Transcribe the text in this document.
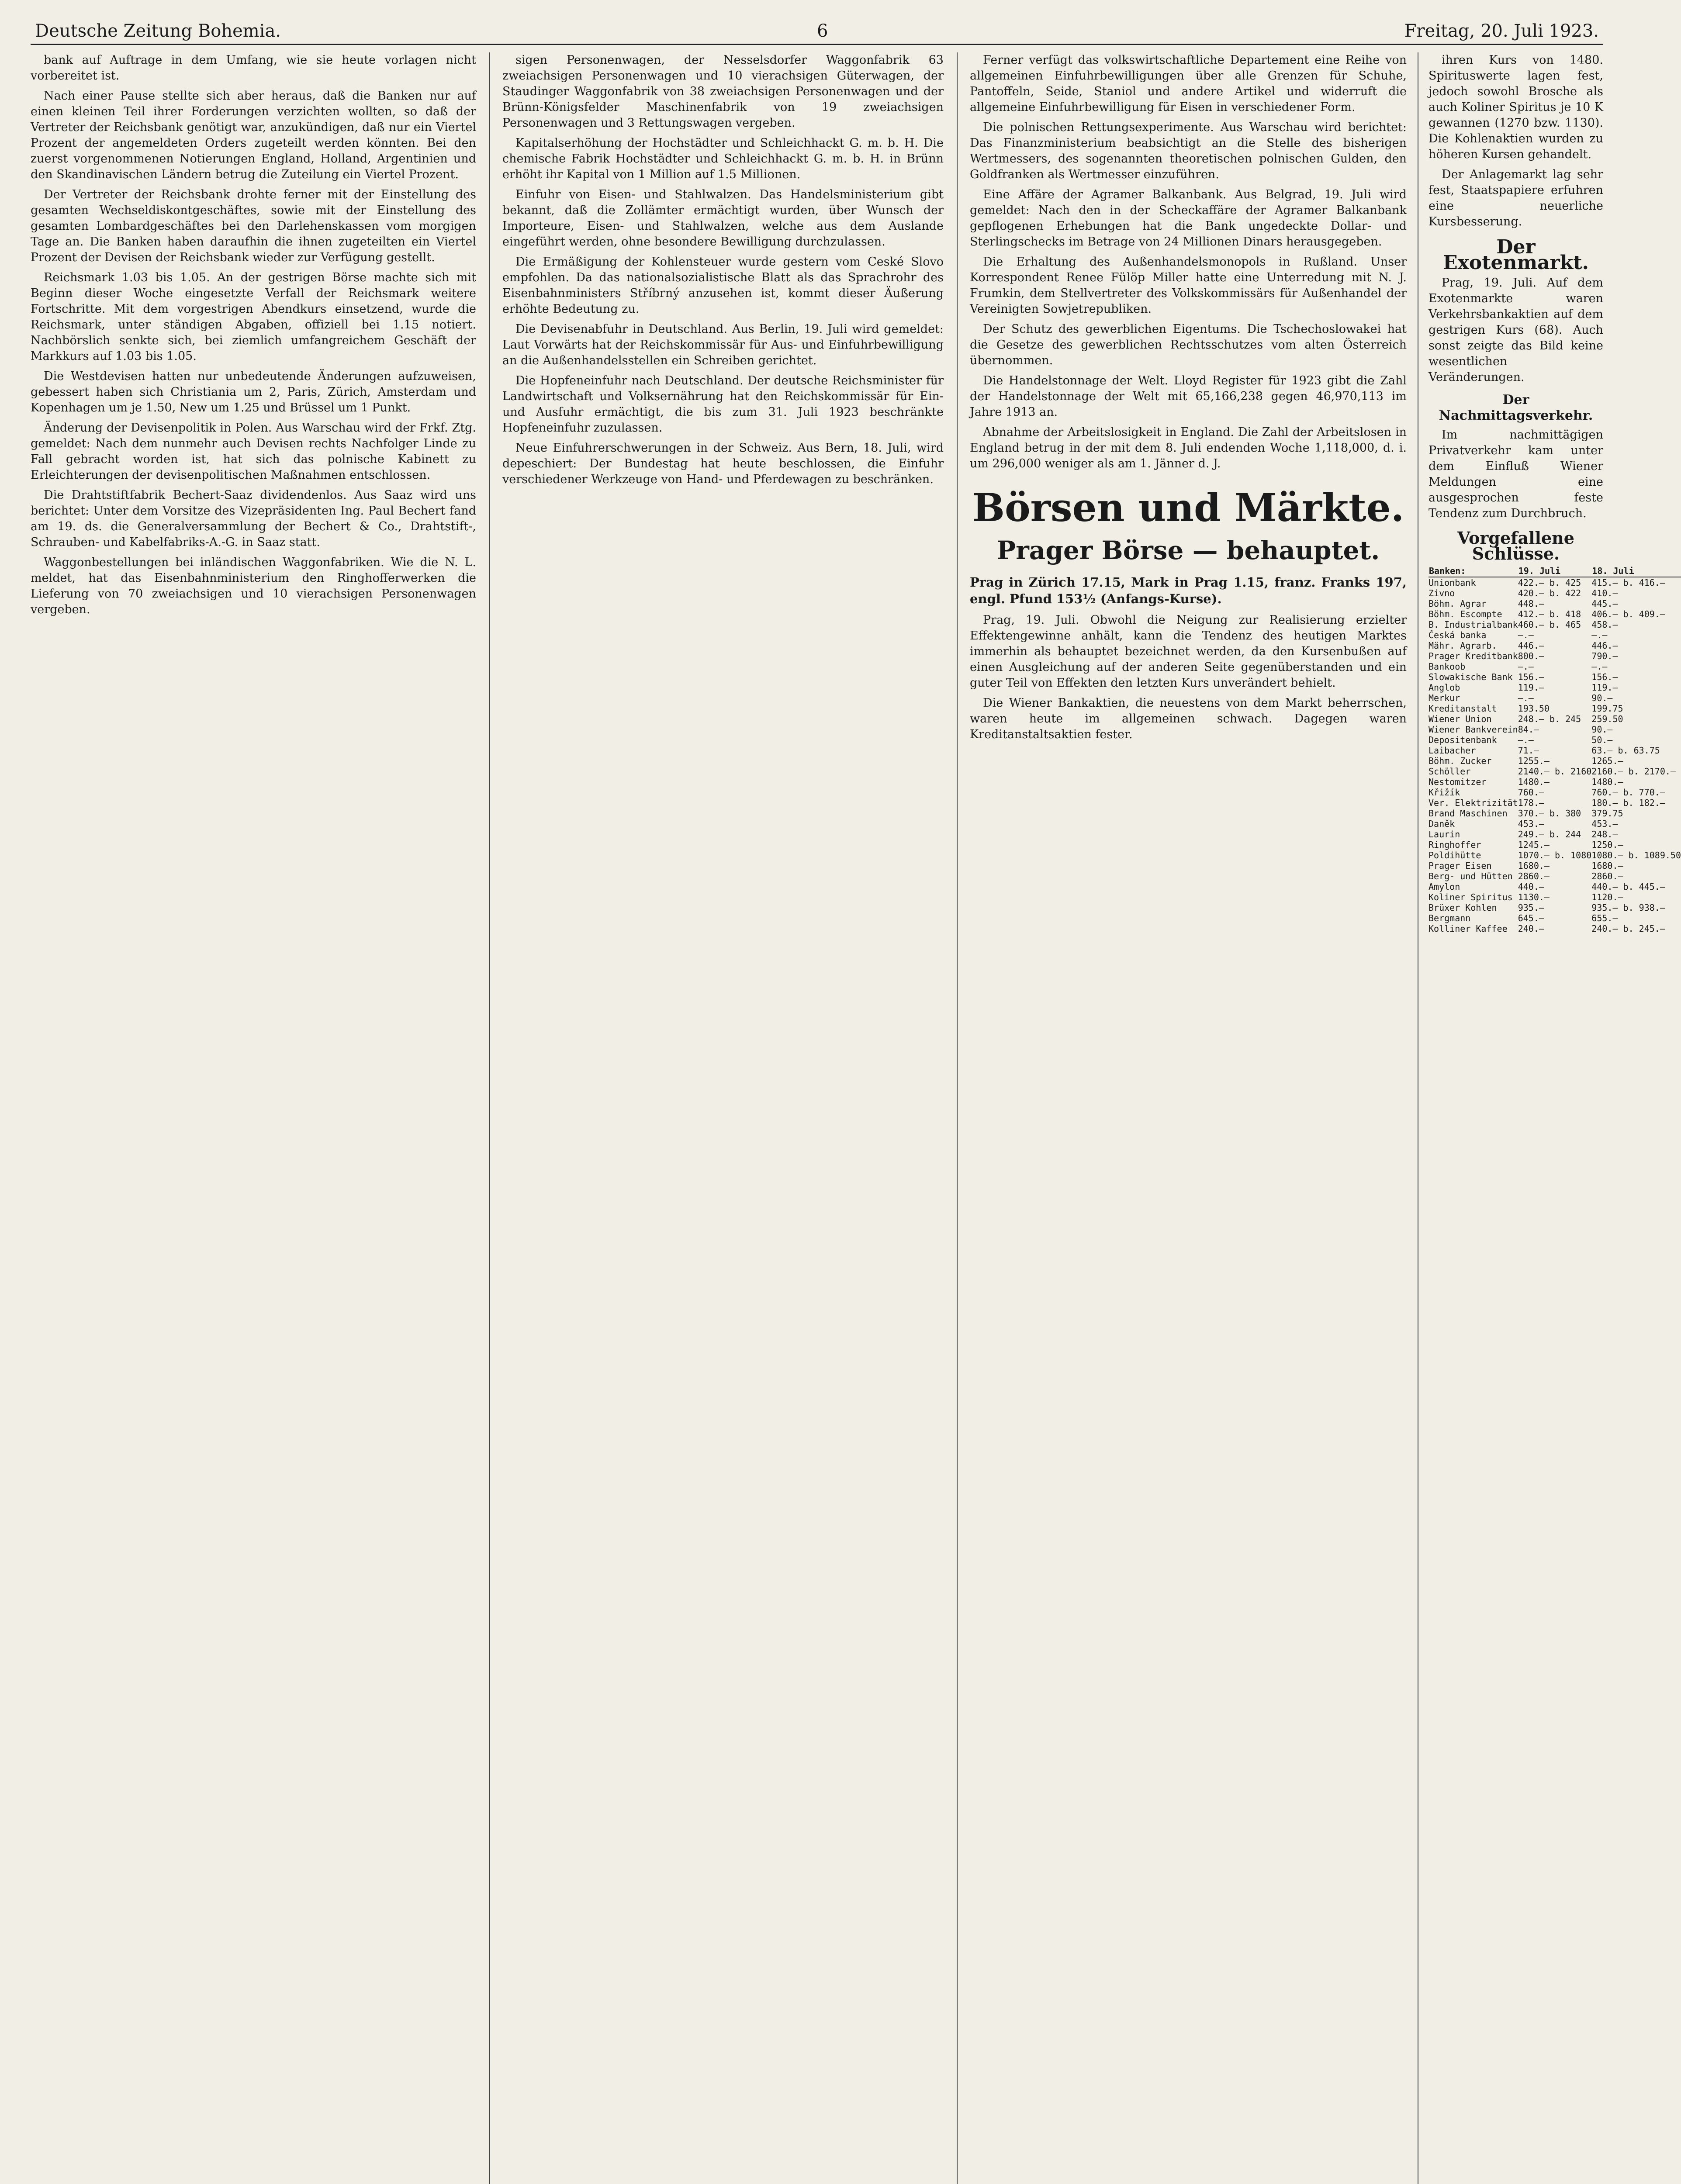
Deutsche Zeitung Bohemia.	6	Freitag, 20. Juli 1923.

bank auf Auftrage in dem Umfang, wie sie heute vorlagen nicht vorbereitet ist.

Nach einer Pause stellte sich aber heraus, daß die Banken nur auf einen kleinen Teil ihrer Forderungen verzichten wollten, so daß der Vertreter der Reichsbank genötigt war, anzukündigen, daß nur ein Viertel Prozent der angemeldeten Orders zugeteilt werden könnten. Bei den zuerst vorgenommenen Notierungen England, Holland, Argentinien und den Skandinavischen Ländern betrug die Zuteilung ein Viertel Prozent.

Der Vertreter der Reichsbank drohte ferner mit der Einstellung des gesamten Wechseldiskontgeschäftes, sowie mit der Einstellung des gesamten Lombardgeschäftes bei den Darlehenskassen vom morgigen Tage an. Die Banken haben daraufhin die ihnen zugeteilten ein Viertel Prozent der Devisen der Reichsbank wieder zur Verfügung gestellt.

Reichsmark 1.03 bis 1.05. An der gestrigen Börse machte sich mit Beginn dieser Woche eingesetzte Verfall der Reichsmark weitere Fortschritte. Mit dem vorgestrigen Abendkurs einsetzend, wurde die Reichsmark, unter ständigen Abgaben, offiziell bei 1.15 notiert. Nachbörslich senkte sich, bei ziemlich umfangreichem Geschäft der Markkurs auf 1.03 bis 1.05.

Die Westdevisen hatten nur unbedeutende Änderungen aufzuweisen, gebessert haben sich Christiania um 2, Paris, Zürich, Amsterdam und Kopenhagen um je 1.50, New um 1.25 und Brüssel um 1 Punkt.

Änderung der Devisenpolitik in Polen. Aus Warschau wird der Frkf. Ztg. gemeldet: Nach dem nunmehr auch Devisen rechts Nachfolger Linde zu Fall gebracht worden ist, hat sich das polnische Kabinett zu Erleichterungen der devisenpolitischen Maßnahmen entschlossen.

Die Drahtstiftfabrik Bechert-Saaz dividendenlos. Aus Saaz wird uns berichtet: Unter dem Vorsitze des Vizepräsidenten Ing. Paul Bechert fand am 19. ds. die Generalversammlung der Bechert & Co., Drahtstift-, Schrauben- und Kabelfabriks-A.-G. in Saaz statt.

Waggonbestellungen bei inländischen Waggonfabriken. Wie die N. L. meldet, hat das Eisenbahnministerium den Ringhofferwerken die Lieferung von 70 zweiachsigen und 10 vierachsigen Personenwagen vergeben.

sigen Personenwagen, der Nesselsdorfer Waggonfabrik 63 zweiachsigen Personenwagen und 10 vierachsigen Güterwagen, der Staudinger Waggonfabrik von 38 zweiachsigen Personenwagen und der Brünn-Königsfelder Maschinenfabrik von 19 zweiachsigen Personenwagen und 3 Rettungswagen vergeben.

Kapitalserhöhung der Hochstädter und Schleichhackt G. m. b. H. Die chemische Fabrik Hochstädter und Schleichhackt G. m. b. H. in Brünn erhöht ihr Kapital von 1 Million auf 1.5 Millionen.

Einfuhr von Eisen- und Stahlwalzen. Das Handelsministerium gibt bekannt, daß die Zollämter ermächtigt wurden, über Wunsch der Importeure, Eisen- und Stahlwalzen, welche aus dem Auslande eingeführt werden, ohne besondere Bewilligung durchzulassen.

Die Ermäßigung der Kohlensteuer wurde gestern vom Ceské Slovo empfohlen. Da das nationalsozialistische Blatt als das Sprachrohr des Eisenbahnministers Stříbrný anzusehen ist, kommt dieser Äußerung erhöhte Bedeutung zu.

Die Devisenabfuhr in Deutschland. Aus Berlin, 19. Juli wird gemeldet: Laut Vorwärts hat der Reichskommissär für Aus- und Einfuhrbewilligung an die Außenhandelsstellen ein Schreiben gerichtet.

Die Hopfeneinfuhr nach Deutschland. Der deutsche Reichsminister für Landwirtschaft und Volksernährung hat den Reichskommissär für Ein- und Ausfuhr ermächtigt, die bis zum 31. Juli 1923 beschränkte Hopfeneinfuhr zuzulassen.

Neue Einfuhrerschwerungen in der Schweiz. Aus Bern, 18. Juli, wird depeschiert: Der Bundestag hat heute beschlossen, die Einfuhr verschiedener Werkzeuge von Hand- und Pferdewagen zu beschränken.

Ferner verfügt das volkswirtschaftliche Departement eine Reihe von allgemeinen Einfuhrbewilligungen über alle Grenzen für Schuhe, Pantoffeln, Seide, Staniol und andere Artikel und widerruft die allgemeine Einfuhrbewilligung für Eisen in verschiedener Form.

Die polnischen Rettungsexperimente. Aus Warschau wird berichtet: Das Finanzministerium beabsichtigt an die Stelle des bisherigen Wertmessers, des sogenannten theoretischen polnischen Gulden, den Goldfranken als Wertmesser einzuführen.

Eine Affäre der Agramer Balkanbank. Aus Belgrad, 19. Juli wird gemeldet: Nach den in der Scheckaffäre der Agramer Balkanbank gepflogenen Erhebungen hat die Bank ungedeckte Dollar- und Sterlingschecks im Betrage von 24 Millionen Dinars herausgegeben.

Die Erhaltung des Außenhandelsmonopols in Rußland. Unser Korrespondent Renee Fülöp Miller hatte eine Unterredung mit N. J. Frumkin, dem Stellvertreter des Volkskommissärs für Außenhandel der Vereinigten Sowjetrepubliken.

Der Schutz des gewerblichen Eigentums. Die Tschechoslowakei hat die Gesetze des gewerblichen Rechtsschutzes vom alten Österreich übernommen.

Die Handelstonnage der Welt. Lloyd Register für 1923 gibt die Zahl der Handelstonnage der Welt mit 65,166,238 gegen 46,970,113 im Jahre 1913 an.

Abnahme der Arbeitslosigkeit in England. Die Zahl der Arbeitslosen in England betrug in der mit dem 8. Juli endenden Woche 1,118,000, d. i. um 296,000 weniger als am 1. Jänner d. J.

Börsen und Märkte.
Prager Börse — behauptet.
Prag in Zürich 17.15, Mark in Prag 1.15, franz. Franks 197, engl. Pfund 153½ (Anfangs-Kurse).

Prag, 19. Juli. Obwohl die Neigung zur Realisierung erzielter Effektengewinne anhält, kann die Tendenz des heutigen Marktes immerhin als behauptet bezeichnet werden, da den Kursenbußen auf einen Ausgleichung auf der anderen Seite gegenüberstanden und ein guter Teil von Effekten den letzten Kurs unverändert behielt.

Die Wiener Bankaktien, die neuestens von dem Markt beherrschen, waren heute im allgemeinen schwach. Dagegen waren Kreditanstaltsaktien fester.

ihren Kurs von 1480. Spirituswerte lagen fest, jedoch sowohl Brosche als auch Koliner Spiritus je 10 K gewannen (1270 bzw. 1130). Die Kohlenaktien wurden zu höheren Kursen gehandelt.

Der Anlagemarkt lag sehr fest, Staatspapiere erfuhren eine neuerliche Kursbesserung.

Der Exotenmarkt.

Prag, 19. Juli. Auf dem Exotenmarkte waren Verkehrsbankaktien auf dem gestrigen Kurs (68). Auch sonst zeigte das Bild keine wesentlichen Veränderungen.

Der Nachmittagsverkehr.

Im nachmittägigen Privatverkehr kam unter dem Einfluß Wiener Meldungen eine ausgesprochen feste Tendenz zum Durchbruch.

Vorgefallene Schlüsse.
Banken:	19. Juli	18. Juli
Unionbank	422.— b. 425	415.— b. 416.—
Zivno	420.— b. 422	410.—
Böhm. Agrar	448.—	445.—
Böhm. Escompte	412.— b. 418	406.— b. 409.—
B. Industrialbank	460.— b. 465	458.—
Česká banka	—.—	—.—
Mähr. Agrarb.	446.—	446.—
Prager Kreditbank	800.—	790.—
Bankoob	—.—	—.—
Slowakische Bank	156.—	156.—
Anglob	119.—	119.—
Merkur	—.—	90.—
Kreditanstalt	193.50	199.75
Wiener Union	248.— b. 245	259.50
Wiener Bankverein	84.—	90.—
Depositenbank	—.—	50.—
Laibacher	71.—	63.— b. 63.75
Böhm. Zucker	1255.—	1265.—
Schöller	2140.— b. 2160	2160.— b. 2170.—
Nestomitzer	1480.—	1480.—
Křižík	760.—	760.— b. 770.—
Ver. Elektrizität	178.—	180.— b. 182.—
Brand Maschinen	370.— b. 380	379.75
Daněk	453.—	453.—
Laurin	249.— b. 244	248.—
Ringhoffer	1245.—	1250.—
Poldihütte	1070.— b. 1080	1080.— b. 1089.50
Prager Eisen	1680.—	1680.—
Berg- und Hütten	2860.—	2860.—
Amylon	440.—	440.— b. 445.—
Koliner Spiritus	1130.—	1120.—
Brüxer Kohlen	935.—	935.— b. 938.—
Bergmann	645.—	655.—
Kolliner Kaffee	240.—	240.— b. 245.—
